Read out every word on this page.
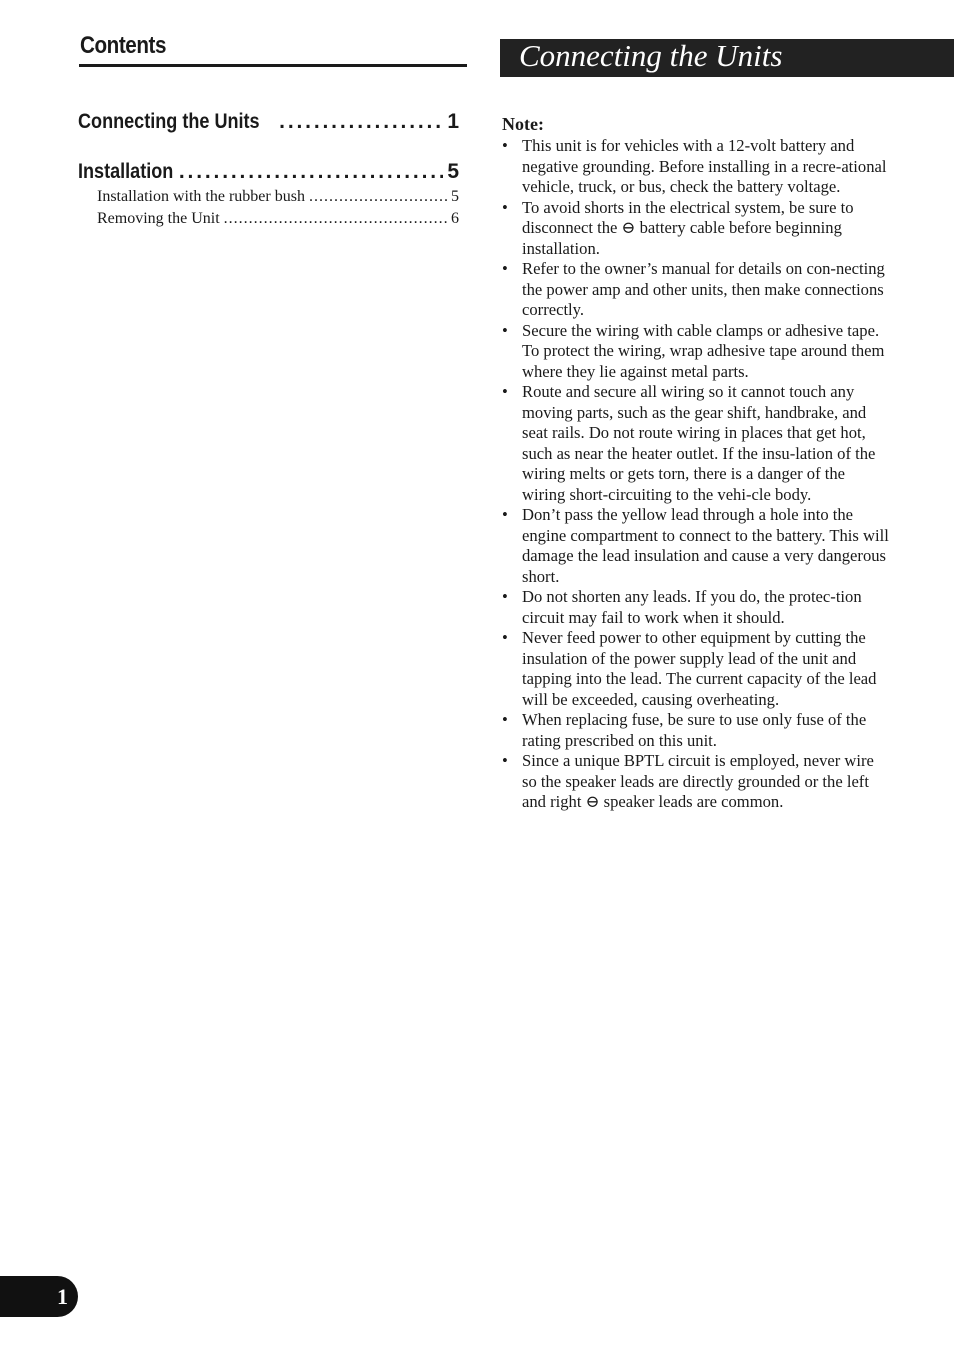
Contents
Connecting the Units . . .	1
Installation . . .	5
Installation with the rubber bush . . .	5
Removing the Unit . . .	6
Connecting the Units
Note:
• This unit is for vehicles with a 12-volt battery and negative grounding. Before installing in a recre-ational vehicle, truck, or bus, check the battery voltage.
• To avoid shorts in the electrical system, be sure to disconnect the ⊖ battery cable before beginning installation.
• Refer to the owner’s manual for details on con-necting the power amp and other units, then make connections correctly.
• Secure the wiring with cable clamps or adhesive tape. To protect the wiring, wrap adhesive tape around them where they lie against metal parts.
• Route and secure all wiring so it cannot touch any moving parts, such as the gear shift, handbrake, and seat rails. Do not route wiring in places that get hot, such as near the heater outlet. If the insu-lation of the wiring melts or gets torn, there is a danger of the wiring short-circuiting to the vehi-cle body.
• Don’t pass the yellow lead through a hole into the engine compartment to connect to the battery. This will damage the lead insulation and cause a very dangerous short.
• Do not shorten any leads. If you do, the protec-tion circuit may fail to work when it should.
• Never feed power to other equipment by cutting the insulation of the power supply lead of the unit and tapping into the lead. The current capacity of the lead will be exceeded, causing overheating.
• When replacing fuse, be sure to use only fuse of the rating prescribed on this unit.
• Since a unique BPTL circuit is employed, never wire so the speaker leads are directly grounded or the left and right ⊖ speaker leads are common.
1
